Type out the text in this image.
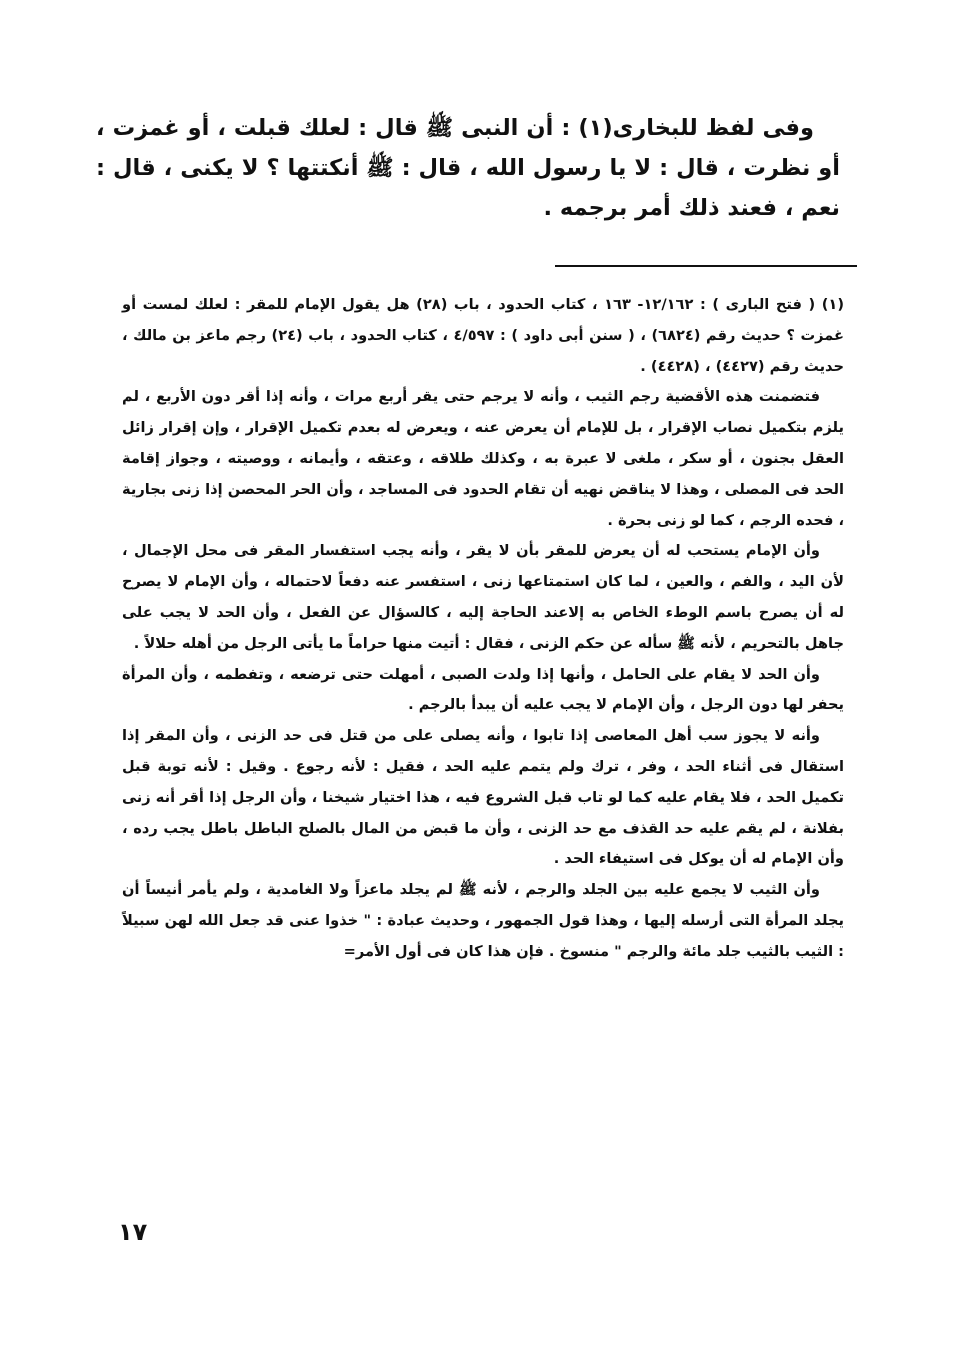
وفى لفظ للبخارى(١) : أن النبى ﷺ قال : لعلك قبلت ، أو غمزت ، أو نظرت ، قال : لا يا رسول الله ، قال : ﷺ أنكتتها ؟ لا يكنى ، قال : نعم ، فعند ذلك أمر برجمه .

(١) ( فتح البارى ) : ١٢/١٦٢- ١٦٣ ، كتاب الحدود ، باب (٢٨) هل يقول الإمام للمقر : لعلك لمست أو غمزت ؟ حديث رقم (٦٨٢٤) ، ( سنن أبى داود ) : ٤/٥٩٧ ، كتاب الحدود ، باب (٢٤) رجم ماعز بن مالك ، حديث رقم (٤٤٢٧) ، (٤٤٢٨) .

فتضمنت هذه الأقضية رجم الثيب ، وأنه لا يرجم حتى يقر أربع مرات ، وأنه إذا أقر دون الأربع ، لم يلزم بتكميل نصاب الإقرار ، بل للإمام أن يعرض عنه ، ويعرض له بعدم تكميل الإقرار ، وإن إقرار زائل العقل بجنون ، أو سكر ، ملغى لا عبرة به ، وكذلك طلاقه ، وعتقه ، وأيمانه ، ووصيته ، وجواز إقامة الحد فى المصلى ، وهذا لا يناقض نهيه أن تقام الحدود فى المساجد ، وأن الحر المحصن إذا زنى بجارية ، فحده الرجم ، كما لو زنى بحرة .

وأن الإمام يستحب له أن يعرض للمقر بأن لا يقر ، وأنه يجب استفسار المقر فى محل الإجمال ، لأن اليد ، والفم ، والعين ، لما كان استمتاعها زنى ، استفسر عنه دفعاً لاحتماله ، وأن الإمام لا يصرح له أن يصرح باسم الوطء الخاص به إلاعند الحاجة إليه ، كالسؤال عن الفعل ، وأن الحد لا يجب على جاهل بالتحريم ، لأنه ﷺ سأله عن حكم الزنى ، فقال : أتيت منها حراماً ما يأتى الرجل من أهله حلالاً .

وأن الحد لا يقام على الحامل ، وأنها إذا ولدت الصبى ، أمهلت حتى ترضعه ، وتفطمه ، وأن المرأة يحفر لها دون الرجل ، وأن الإمام لا يجب عليه أن يبدأ بالرجم .

وأنه لا يجوز سب أهل المعاصى إذا تابوا ، وأنه يصلى على من قتل فى حد الزنى ، وأن المقر إذا استقال فى أثناء الحد ، وفر ، ترك ولم يتمم عليه الحد ، فقيل : لأنه رجوع . وقيل : لأنه توبة قبل تكميل الحد ، فلا يقام عليه كما لو تاب قبل الشروع فيه ، هذا اختيار شيخنا ، وأن الرجل إذا أقر أنه زنى بفلانة ، لم يقم عليه حد القذف مع حد الزنى ، وأن ما قبض من المال بالصلح الباطل باطل يجب رده ، وأن الإمام له أن يوكل فى استيفاء الحد .

وأن الثيب لا يجمع عليه بين الجلد والرجم ، لأنه ﷺ لم يجلد ماعزاً ولا الغامدية ، ولم يأمر أنيساً أن يجلد المرأة التى أرسله إليها ، وهذا قول الجمهور ، وحديث عبادة : " خذوا عنى قد جعل الله لهن سبيلاً : الثيب بالثيب جلد مائة والرجم " منسوخ . فإن هذا كان فى أول الأمر=

١٧
